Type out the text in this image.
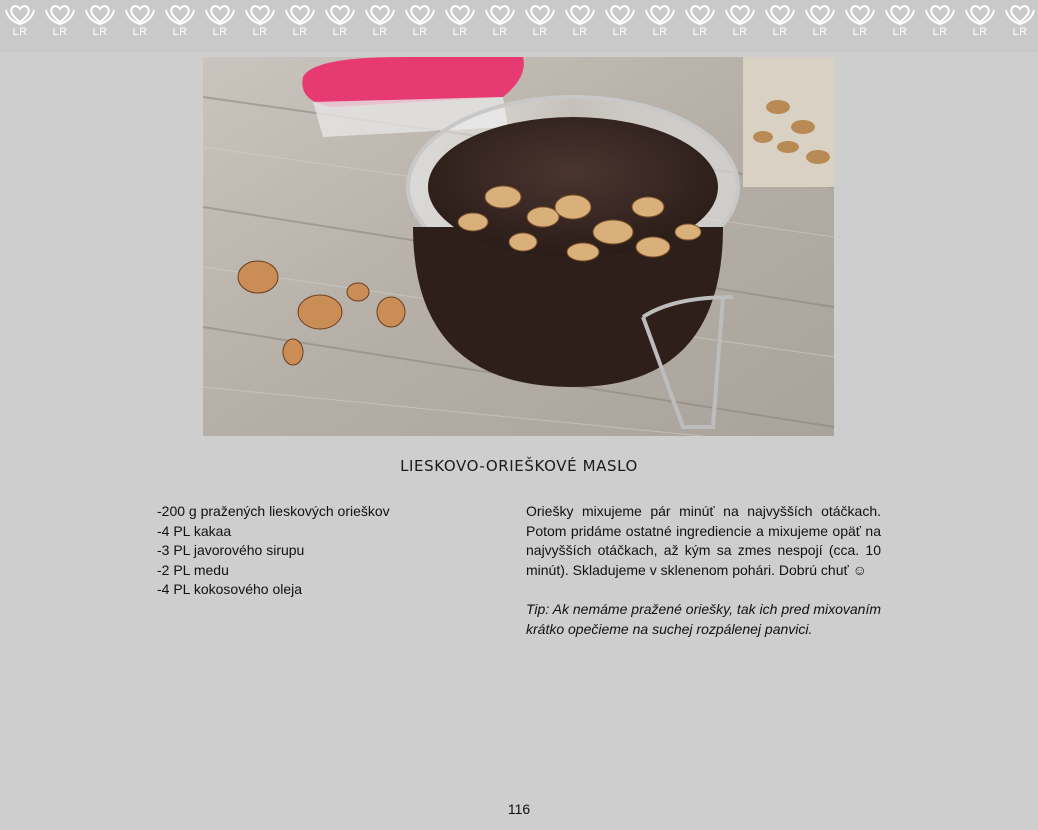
LR LR LR LR LR LR LR LR LR LR LR LR LR LR LR LR LR LR LR LR LR LR LR LR LR LR
LIESKOVO-ORIEŠKOVÉ MASLO
-200 g pražených lieskových orieškov
-4 PL kakaa
-3 PL javorového sirupu
-2 PL medu
-4 PL kokosového oleja

Oriešky mixujeme pár minúť na najvyšších otáčkach. Potom pridáme ostatné ingrediencie a mixujeme opäť na najvyšších otáčkach, až kým sa zmes nespojí (cca. 10 minút). Skladujeme v sklenenom pohári. Dobrú chuť ☺

Tip: Ak nemáme pražené oriešky, tak ich pred mixovaním krátko opečieme na suchej rozpálenej panvici.

116
